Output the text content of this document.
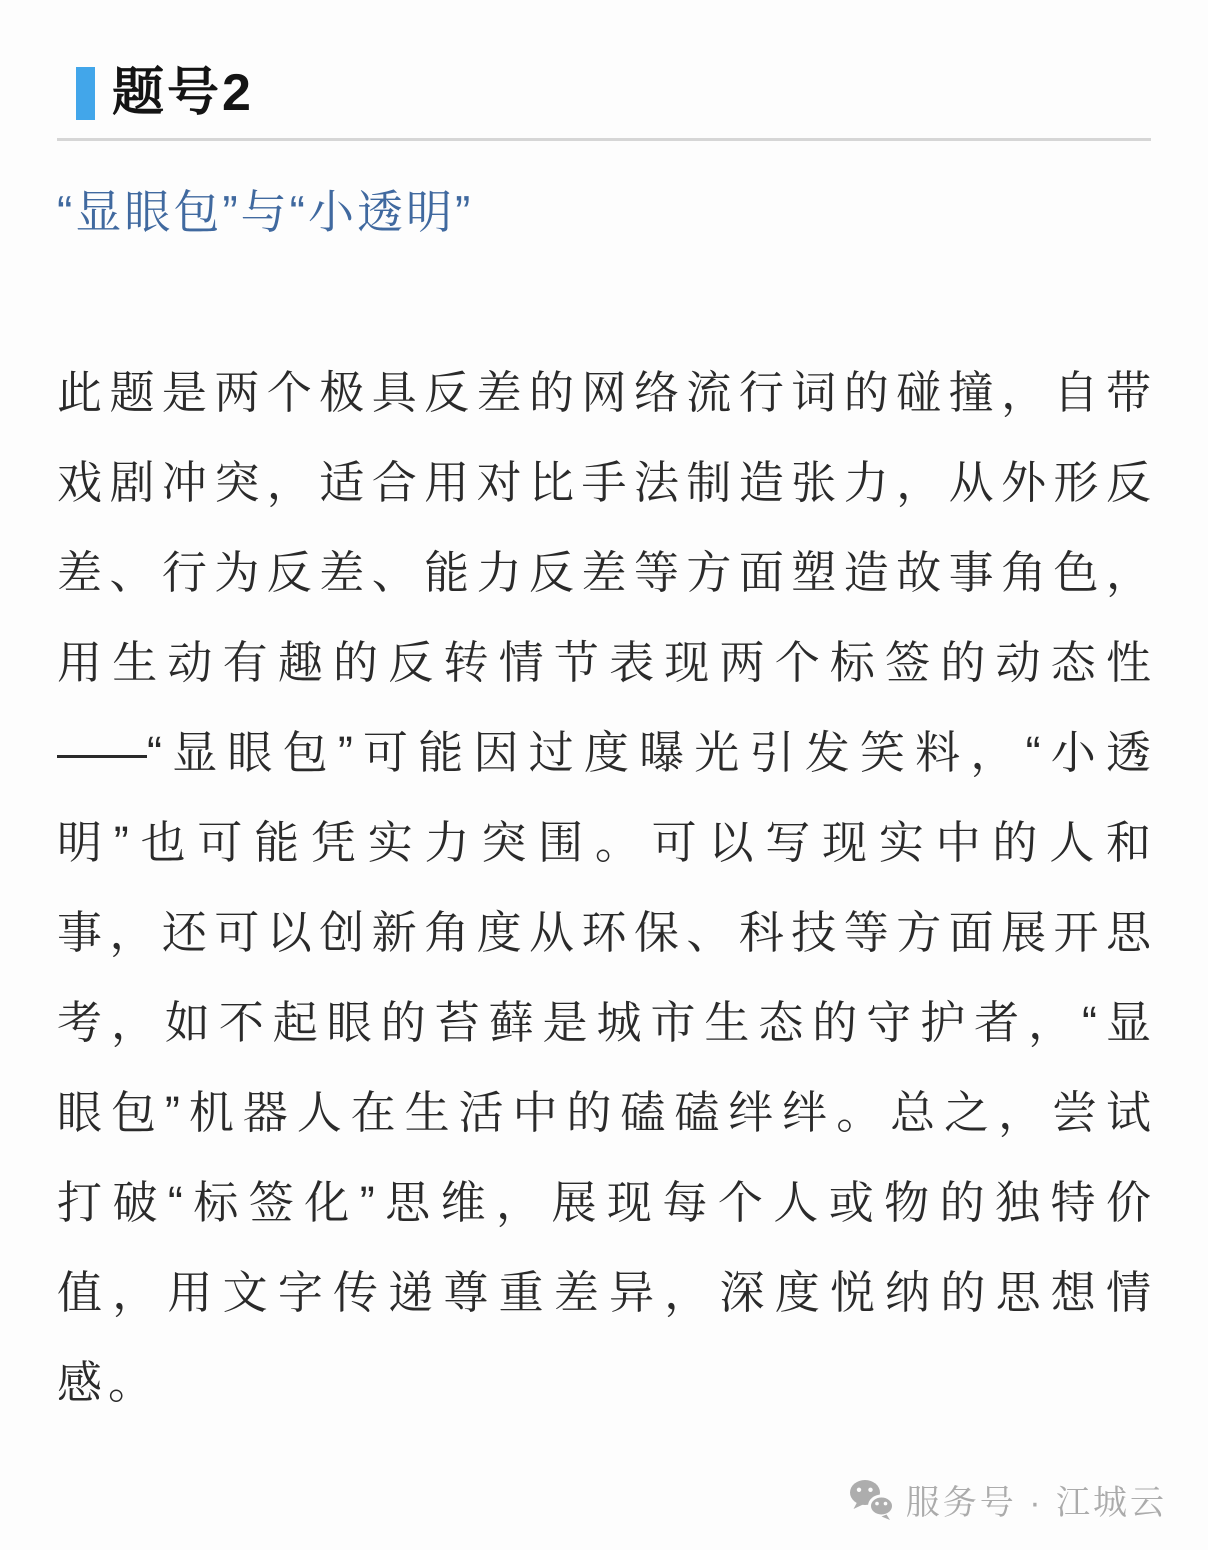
题号2
“显眼包”与“小透明”
此题是两个极具反差的网络流行词的碰撞，自带
戏剧冲突，适合用对比手法制造张力，从外形反
差、行为反差、能力反差等方面塑造故事角色，
用生动有趣的反转情节表现两个标签的动态性
——“显眼包”可能因过度曝光引发笑料，“小透
明”也可能凭实力突围。可以写现实中的人和
事，还可以创新角度从环保、科技等方面展开思
考，如不起眼的苔藓是城市生态的守护者，“显
眼包”机器人在生活中的磕磕绊绊。总之，尝试
打破“标签化”思维，展现每个人或物的独特价
值，用文字传递尊重差异，深度悦纳的思想情
感。
服务号 · 江城云
